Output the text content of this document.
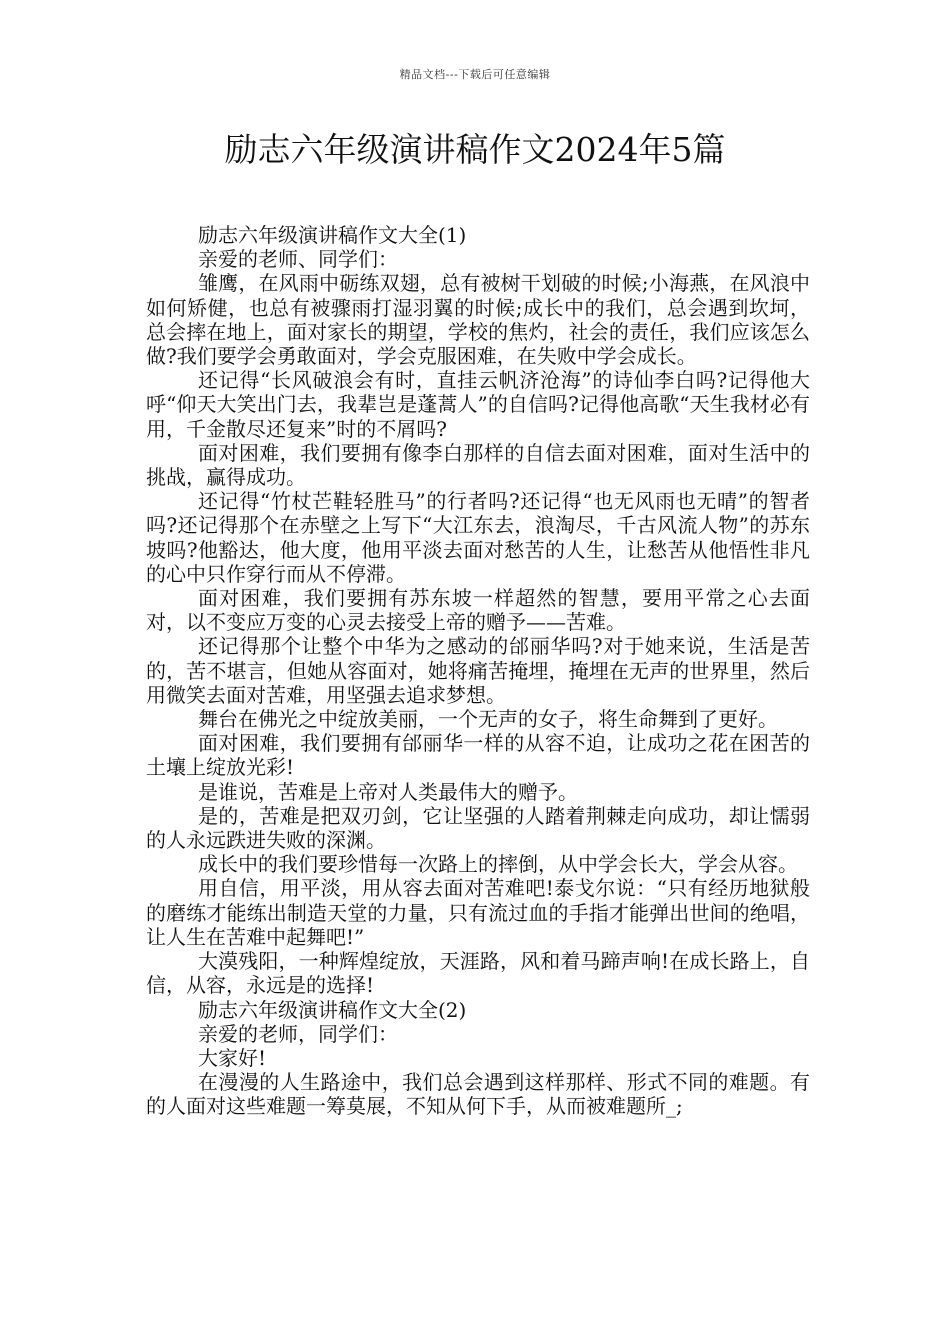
精品文档---下载后可任意编辑
励志六年级演讲稿作文2024年5篇

励志六年级演讲稿作文大全(1)

亲爱的老师、同学们：

雏鹰，在风雨中砺练双翅，总有被树干划破的时候;小海燕，在风浪中如何矫健，也总有被骤雨打湿羽翼的时候;成长中的我们，总会遇到坎坷，总会摔在地上，面对家长的期望，学校的焦灼，社会的责任，我们应该怎么做?我们要学会勇敢面对，学会克服困难，在失败中学会成长。

还记得“长风破浪会有时，直挂云帆济沧海”的诗仙李白吗?记得他大呼“仰天大笑出门去，我辈岂是蓬蒿人”的自信吗?记得他高歌“天生我材必有用，千金散尽还复来”时的不屑吗?

面对困难，我们要拥有像李白那样的自信去面对困难，面对生活中的挑战，赢得成功。

还记得“竹杖芒鞋轻胜马”的行者吗?还记得“也无风雨也无晴”的智者吗?还记得那个在赤壁之上写下“大江东去，浪淘尽，千古风流人物”的苏东坡吗?他豁达，他大度，他用平淡去面对愁苦的人生，让愁苦从他悟性非凡的心中只作穿行而从不停滞。

面对困难，我们要拥有苏东坡一样超然的智慧，要用平常之心去面对，以不变应万变的心灵去接受上帝的赠予——苦难。

还记得那个让整个中华为之感动的邰丽华吗?对于她来说，生活是苦的，苦不堪言，但她从容面对，她将痛苦掩埋，掩埋在无声的世界里，然后用微笑去面对苦难，用坚强去追求梦想。

舞台在佛光之中绽放美丽，一个无声的女子，将生命舞到了更好。

面对困难，我们要拥有邰丽华一样的从容不迫，让成功之花在困苦的土壤上绽放光彩!

是谁说，苦难是上帝对人类最伟大的赠予。

是的，苦难是把双刃剑，它让坚强的人踏着荆棘走向成功，却让懦弱的人永远跌进失败的深渊。

成长中的我们要珍惜每一次路上的摔倒，从中学会长大，学会从容。

用自信，用平淡，用从容去面对苦难吧!泰戈尔说：“只有经历地狱般的磨练才能练出制造天堂的力量，只有流过血的手指才能弹出世间的绝唱，让人生在苦难中起舞吧!”

大漠残阳，一种辉煌绽放，天涯路，风和着马蹄声响!在成长路上，自信，从容，永远是的选择!

励志六年级演讲稿作文大全(2)

亲爱的老师，同学们：

大家好!

在漫漫的人生路途中，我们总会遇到这样那样、形式不同的难题。有的人面对这些难题一筹莫展，不知从何下手，从而被难题所_;
